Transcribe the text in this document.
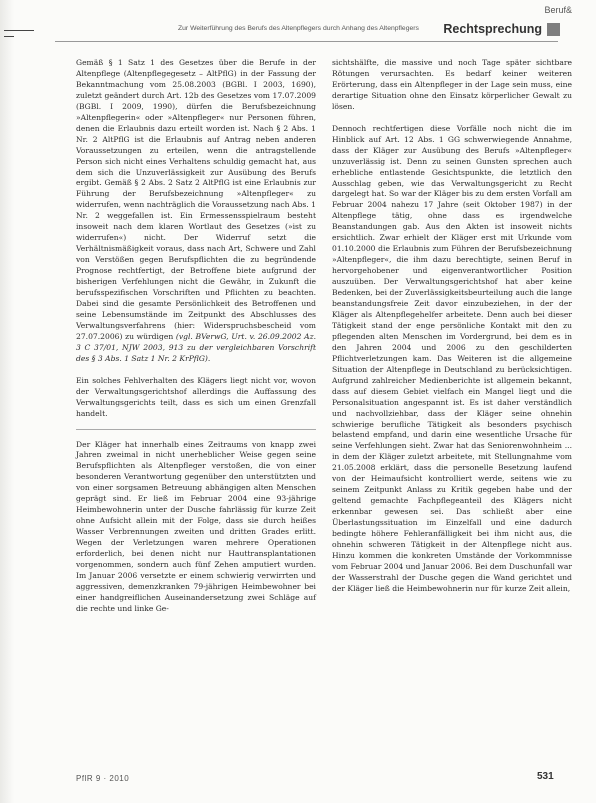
Beruf&
Zur Weiterführung des Berufs des Altenpflegers durch Anhang des Altenpflegers Rechtsprechung

Gemäß § 1 Satz 1 des Gesetzes über die Berufe in der Altenpflege (Altenpflegegesetz – AltPflG) in der Fassung der Bekanntmachung vom 25.08.2003 (BGBl. I 2003, 1690), zuletzt geändert durch Art. 12b des Gesetzes vom 17.07.2009 (BGBl. I 2009, 1990), dürfen die Berufsbezeichnung »Altenpflegerin« oder »Altenpfleger« nur Personen führen, denen die Erlaubnis dazu erteilt worden ist. Nach § 2 Abs. 1 Nr. 2 AltPflG ist die Erlaubnis auf Antrag neben anderen Voraussetzungen zu erteilen, wenn die antragstellende Person sich nicht eines Verhaltens schuldig gemacht hat, aus dem sich die Unzuverlässigkeit zur Ausübung des Berufs ergibt. Gemäß § 2 Abs. 2 Satz 2 AltPflG ist eine Erlaubnis zur Führung der Berufsbezeichnung »Altenpfleger« zu widerrufen, wenn nachträglich die Voraussetzung nach Abs. 1 Nr. 2 weggefallen ist. Ein Ermessensspielraum besteht insoweit nach dem klaren Wortlaut des Gesetzes (»ist zu widerrufen«) nicht. Der Widerruf setzt die Verhältnismäßigkeit voraus, dass nach Art, Schwere und Zahl von Verstößen gegen Berufspflichten die zu begründende Prognose rechtfertigt, der Betroffene biete aufgrund der bisherigen Verfehlungen nicht die Gewähr, in Zukunft die berufsspezifischen Vorschriften und Pflichten zu beachten. Dabei sind die gesamte Persönlichkeit des Betroffenen und seine Lebensumstände im Zeitpunkt des Abschlusses des Verwaltungsverfahrens (hier: Widerspruchsbescheid vom 27.07.2006) zu würdigen (vgl. BVerwG, Urt. v. 26.09.2002 Az. 3 C 37/01, NJW 2003, 913 zu der vergleichbaren Vorschrift des § 3 Abs. 1 Satz 1 Nr. 2 KrPflG).

Ein solches Fehlverhalten des Klägers liegt nicht vor, wovon der Verwaltungsgerichtshof allerdings die Auffassung des Verwaltungsgerichts teilt, dass es sich um einen Grenzfall handelt.

Der Kläger hat innerhalb eines Zeitraums von knapp zwei Jahren zweimal in nicht unerheblicher Weise gegen seine Berufspflichten als Altenpfleger verstoßen, die von einer besonderen Verantwortung gegenüber den unterstützten und von einer sorgsamen Betreuung abhängigen alten Menschen geprägt sind. Er ließ im Februar 2004 eine 93-jährige Heimbewohnerin unter der Dusche fahrlässig für kurze Zeit ohne Aufsicht allein mit der Folge, dass sie durch heißes Wasser Verbrennungen zweiten und dritten Grades erlitt. Wegen der Verletzungen waren mehrere Operationen erforderlich, bei denen nicht nur Hauttransplantationen vorgenommen, sondern auch fünf Zehen amputiert wurden. Im Januar 2006 versetzte er einem schwierig verwirrten und aggressiven, demenzkranken 79-jährigen Heimbewohner bei einer handgreiflichen Auseinandersetzung zwei Schläge auf die rechte und linke Ge-

sichtshälfte, die massive und noch Tage später sichtbare Rötungen verursachten. Es bedarf keiner weiteren Erörterung, dass ein Altenpfleger in der Lage sein muss, eine derartige Situation ohne den Einsatz körperlicher Gewalt zu lösen.

Dennoch rechtfertigen diese Vorfälle noch nicht die im Hinblick auf Art. 12 Abs. 1 GG schwerwiegende Annahme, dass der Kläger zur Ausübung des Berufs »Altenpfleger« unzuverlässig ist. Denn zu seinen Gunsten sprechen auch erhebliche entlastende Gesichtspunkte, die letztlich den Ausschlag geben, wie das Verwaltungsgericht zu Recht dargelegt hat. So war der Kläger bis zu dem ersten Vorfall am Februar 2004 nahezu 17 Jahre (seit Oktober 1987) in der Altenpflege tätig, ohne dass es irgendwelche Beanstandungen gab. Aus den Akten ist insoweit nichts ersichtlich. Zwar erhielt der Kläger erst mit Urkunde vom 01.10.2000 die Erlaubnis zum Führen der Berufsbezeichnung »Altenpfleger«, die ihm dazu berechtigte, seinen Beruf in hervorgehobener und eigenverantwortlicher Position auszuüben. Der Verwaltungsgerichtshof hat aber keine Bedenken, bei der Zuverlässigkeitsbeurteilung auch die lange beanstandungsfreie Zeit davor einzubeziehen, in der der Kläger als Altenpflegehelfer arbeitete. Denn auch bei dieser Tätigkeit stand der enge persönliche Kontakt mit den zu pflegenden alten Menschen im Vordergrund, bei dem es in den Jahren 2004 und 2006 zu den geschilderten Pflichtverletzungen kam. Das Weiteren ist die allgemeine Situation der Altenpflege in Deutschland zu berücksichtigen. Aufgrund zahlreicher Medienberichte ist allgemein bekannt, dass auf diesem Gebiet vielfach ein Mangel liegt und die Personalsituation angespannt ist. Es ist daher verständlich und nachvollziehbar, dass der Kläger seine ohnehin schwierige berufliche Tätigkeit als besonders psychisch belastend empfand, und darin eine wesentliche Ursache für seine Verfehlungen sieht. Zwar hat das Seniorenwohnheim ... in dem der Kläger zuletzt arbeitete, mit Stellungnahme vom 21.05.2008 erklärt, dass die personelle Besetzung laufend von der Heimaufsicht kontrolliert werde, seitens wie zu seinem Zeitpunkt Anlass zu Kritik gegeben habe und der geltend gemachte Fachpflegeanteil des Klägers nicht erkennbar gewesen sei. Das schließt aber eine Überlastungssituation im Einzelfall und eine dadurch bedingte höhere Fehleranfälligkeit bei ihm nicht aus, die ohnehin schweren Tätigkeit in der Altenpflege nicht aus. Hinzu kommen die konkreten Umstände der Vorkommnisse vom Februar 2004 und Januar 2006. Bei dem Duschunfall war der Wasserstrahl der Dusche gegen die Wand gerichtet und der Kläger ließ die Heimbewohnerin nur für kurze Zeit allein,

PflR 9 · 2010	531
